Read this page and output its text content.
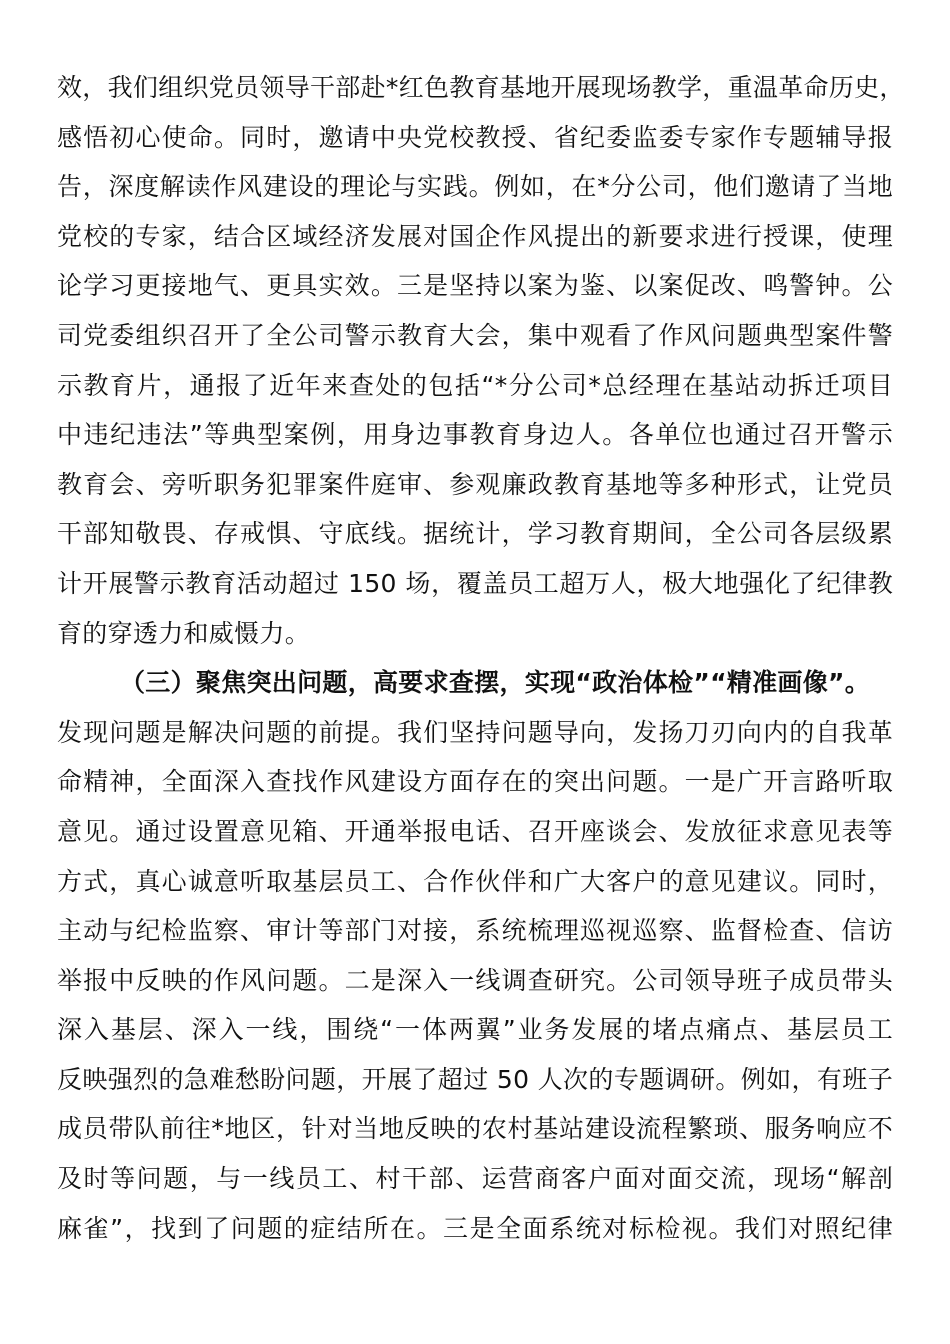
效，我们组织党员领导干部赴*红色教育基地开展现场教学，重温革命历史，
感悟初心使命。同时，邀请中央党校教授、省纪委监委专家作专题辅导报
告，深度解读作风建设的理论与实践。例如，在*分公司，他们邀请了当地
党校的专家，结合区域经济发展对国企作风提出的新要求进行授课，使理
论学习更接地气、更具实效。三是坚持以案为鉴、以案促改、鸣警钟。公
司党委组织召开了全公司警示教育大会，集中观看了作风问题典型案件警
示教育片，通报了近年来查处的包括“*分公司*总经理在基站动拆迁项目
中违纪违法”等典型案例，用身边事教育身边人。各单位也通过召开警示
教育会、旁听职务犯罪案件庭审、参观廉政教育基地等多种形式，让党员
干部知敬畏、存戒惧、守底线。据统计，学习教育期间，全公司各层级累
计开展警示教育活动超过 150 场，覆盖员工超万人，极大地强化了纪律教
育的穿透力和威慑力。
（三）聚焦突出问题，高要求查摆，实现“政治体检”“精准画像”。
发现问题是解决问题的前提。我们坚持问题导向，发扬刀刃向内的自我革
命精神，全面深入查找作风建设方面存在的突出问题。一是广开言路听取
意见。通过设置意见箱、开通举报电话、召开座谈会、发放征求意见表等
方式，真心诚意听取基层员工、合作伙伴和广大客户的意见建议。同时，
主动与纪检监察、审计等部门对接，系统梳理巡视巡察、监督检查、信访
举报中反映的作风问题。二是深入一线调查研究。公司领导班子成员带头
深入基层、深入一线，围绕“一体两翼”业务发展的堵点痛点、基层员工
反映强烈的急难愁盼问题，开展了超过 50 人次的专题调研。例如，有班子
成员带队前往*地区，针对当地反映的农村基站建设流程繁琐、服务响应不
及时等问题，与一线员工、村干部、运营商客户面对面交流，现场“解剖
麻雀”，找到了问题的症结所在。三是全面系统对标检视。我们对照纪律
